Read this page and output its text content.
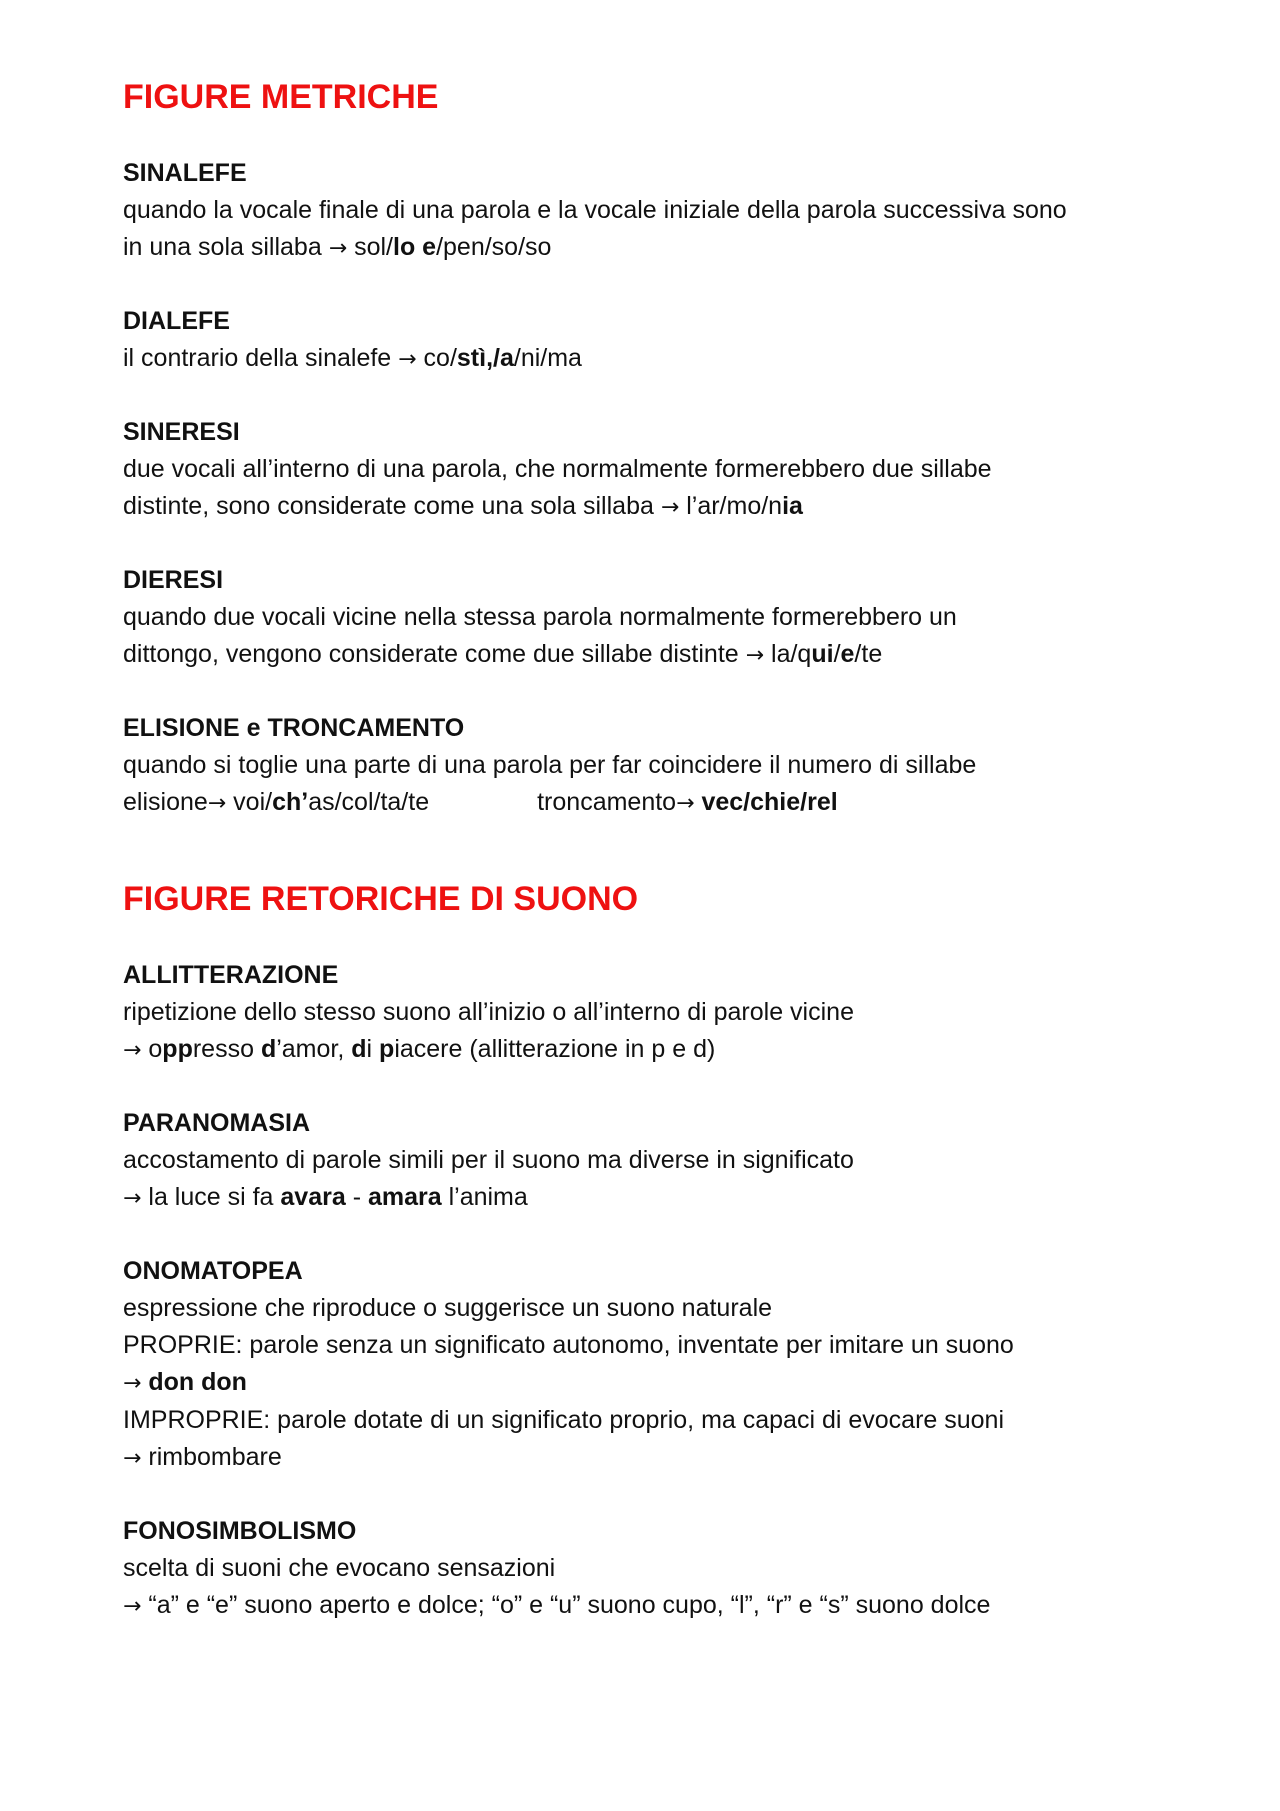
FIGURE METRICHE

SINALEFE

quando la vocale finale di una parola e la vocale iniziale della parola successiva sono

in una sola sillaba → sol/lo e/pen/so/so

DIALEFE

il contrario della sinalefe → co/stì,/a/ni/ma

SINERESI

due vocali all’interno di una parola, che normalmente formerebbero due sillabe

distinte, sono considerate come una sola sillaba → l’ar/mo/nia

DIERESI

quando due vocali vicine nella stessa parola normalmente formerebbero un

dittongo, vengono considerate come due sillabe distinte → la/qui/e/te

ELISIONE e TRONCAMENTO

quando si toglie una parte di una parola per far coincidere il numero di sillabe

elisione→ voi/ch’as/col/ta/te	troncamento→ vec/chie/rel

FIGURE RETORICHE DI SUONO

ALLITTERAZIONE

ripetizione dello stesso suono all’inizio o all’interno di parole vicine

→ oppresso d’amor, di piacere (allitterazione in p e d)

PARANOMASIA

accostamento di parole simili per il suono ma diverse in significato

→ la luce si fa avara - amara l’anima

ONOMATOPEA

espressione che riproduce o suggerisce un suono naturale

PROPRIE: parole senza un significato autonomo, inventate per imitare un suono

→ don don

IMPROPRIE: parole dotate di un significato proprio, ma capaci di evocare suoni

→ rimbombare

FONOSIMBOLISMO

scelta di suoni che evocano sensazioni

→ “a” e “e” suono aperto e dolce; “o” e “u” suono cupo, “l”, “r” e “s” suono dolce
